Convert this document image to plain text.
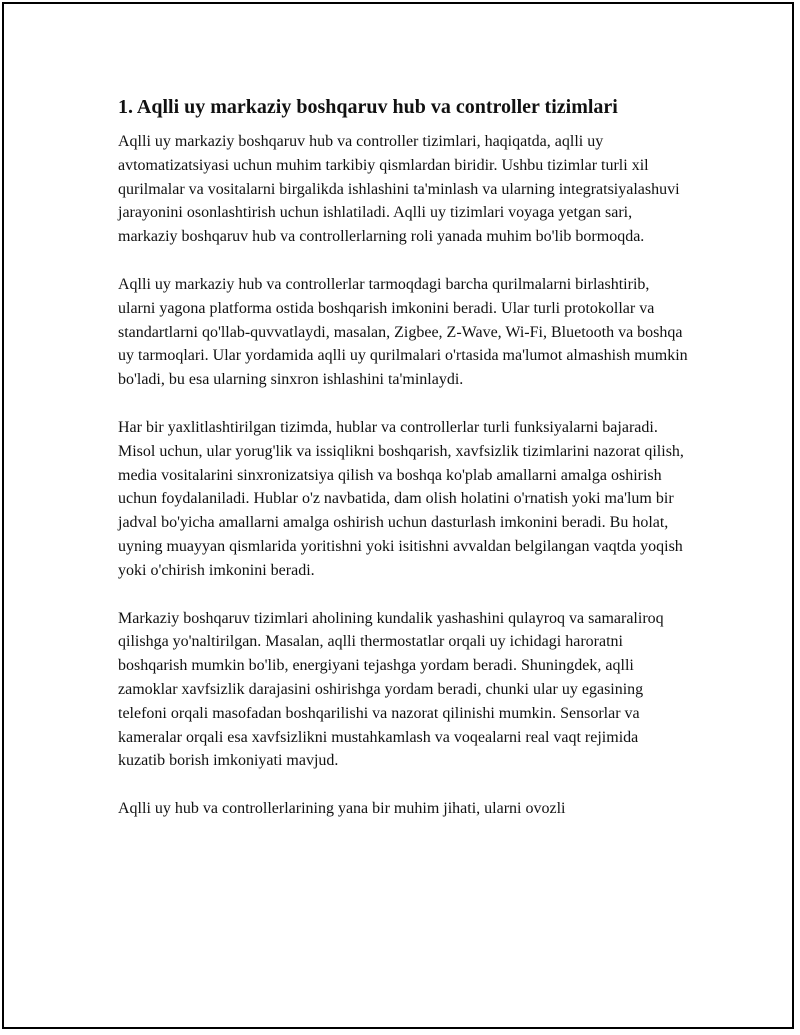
1. Aqlli uy markaziy boshqaruv hub va controller tizimlari

Aqlli uy markaziy boshqaruv hub va controller tizimlari, haqiqatda, aqlli uy avtomatizatsiyasi uchun muhim tarkibiy qismlardan biridir. Ushbu tizimlar turli xil qurilmalar va vositalarni birgalikda ishlashini ta'minlash va ularning integratsiyalashuvi jarayonini osonlashtirish uchun ishlatiladi. Aqlli uy tizimlari voyaga yetgan sari, markaziy boshqaruv hub va controllerlarning roli yanada muhim bo'lib bormoqda.

Aqlli uy markaziy hub va controllerlar tarmoqdagi barcha qurilmalarni birlashtirib, ularni yagona platforma ostida boshqarish imkonini beradi. Ular turli protokollar va standartlarni qo'llab-quvvatlaydi, masalan, Zigbee, Z-Wave, Wi-Fi, Bluetooth va boshqa uy tarmoqlari. Ular yordamida aqlli uy qurilmalari o'rtasida ma'lumot almashish mumkin bo'ladi, bu esa ularning sinxron ishlashini ta'minlaydi.

Har bir yaxlitlashtirilgan tizimda, hublar va controllerlar turli funksiyalarni bajaradi. Misol uchun, ular yorug'lik va issiqlikni boshqarish, xavfsizlik tizimlarini nazorat qilish, media vositalarini sinxronizatsiya qilish va boshqa ko'plab amallarni amalga oshirish uchun foydalaniladi. Hublar o'z navbatida, dam olish holatini o'rnatish yoki ma'lum bir jadval bo'yicha amallarni amalga oshirish uchun dasturlash imkonini beradi. Bu holat, uyning muayyan qismlarida yoritishni yoki isitishni avvaldan belgilangan vaqtda yoqish yoki o'chirish imkonini beradi.

Markaziy boshqaruv tizimlari aholining kundalik yashashini qulayroq va samaraliroq qilishga yo'naltirilgan. Masalan, aqlli thermostatlar orqali uy ichidagi haroratni boshqarish mumkin bo'lib, energiyani tejashga yordam beradi. Shuningdek, aqlli zamoklar xavfsizlik darajasini oshirishga yordam beradi, chunki ular uy egasining telefoni orqali masofadan boshqarilishi va nazorat qilinishi mumkin. Sensorlar va kameralar orqali esa xavfsizlikni mustahkamlash va voqealarni real vaqt rejimida kuzatib borish imkoniyati mavjud.

Aqlli uy hub va controllerlarining yana bir muhim jihati, ularni ovozli
